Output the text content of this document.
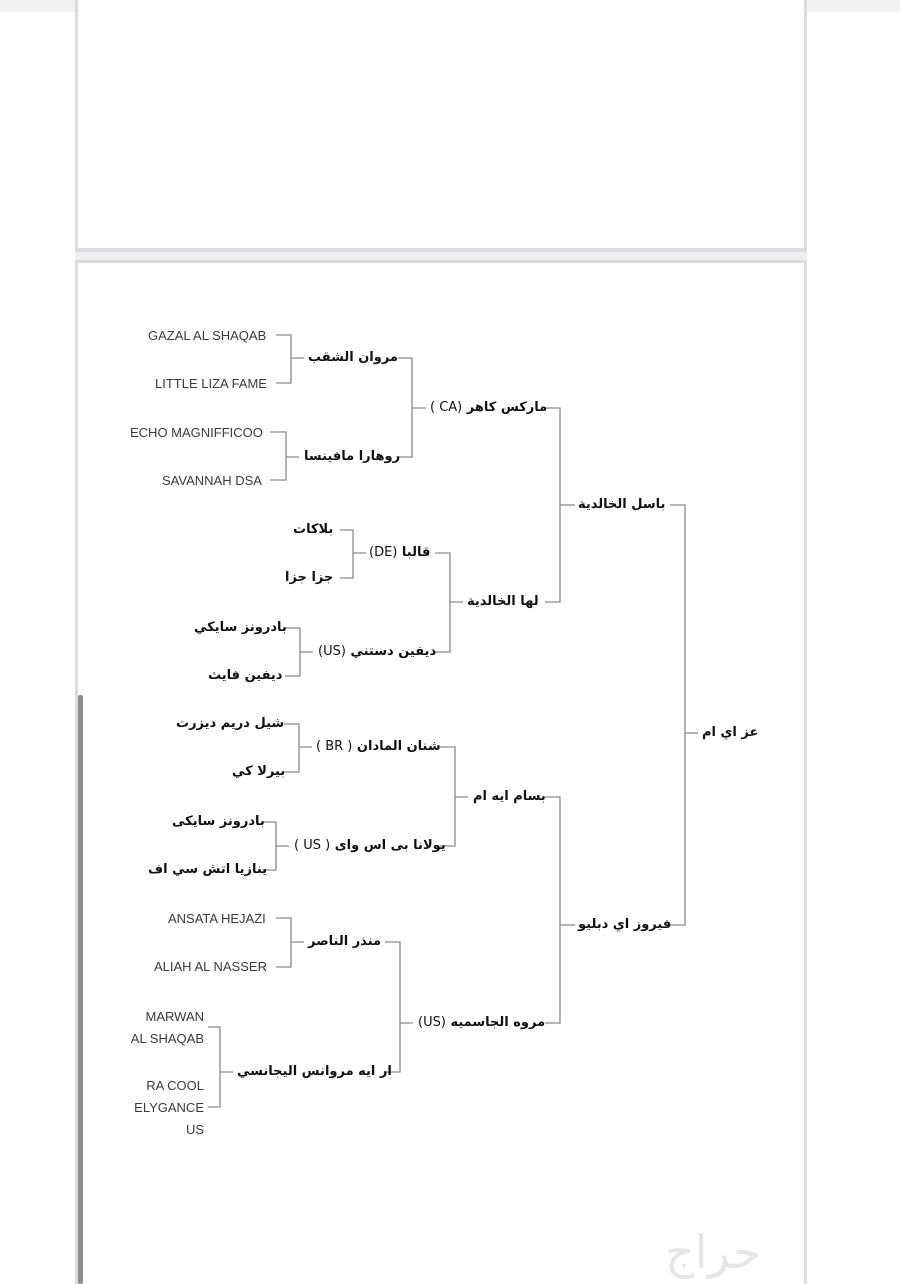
عز اي ام
باسل الخالدية
فيروز اي دبليو
( CA) ماركس كاهر
لها الخالدية
بسام ايه ام
(US) مروه الجاسميه
مروان الشقب
روهارا مافينسا
(DE) قالبا
(US) ديفين دستني
( BR ) شنان المادان
( US ) يولانا بى اس واى
منذر الناصر
ار ايه مروانس اليجانسي
GAZAL AL SHAQAB
LITTLE LIZA FAME
ECHO MAGNIFFICOO
SAVANNAH DSA
بلاكات
جزا جزا
بادرونز سايكي
ديفين فايث
شيل دريم ديزرت
بيرلا كي
بادرونز سايكى
ينازيا اتش سي اف
ANSATA HEJAZI
ALIAH AL NASSER
MARWAN
AL SHAQAB
RA COOL
ELYGANCE
US
حراج
